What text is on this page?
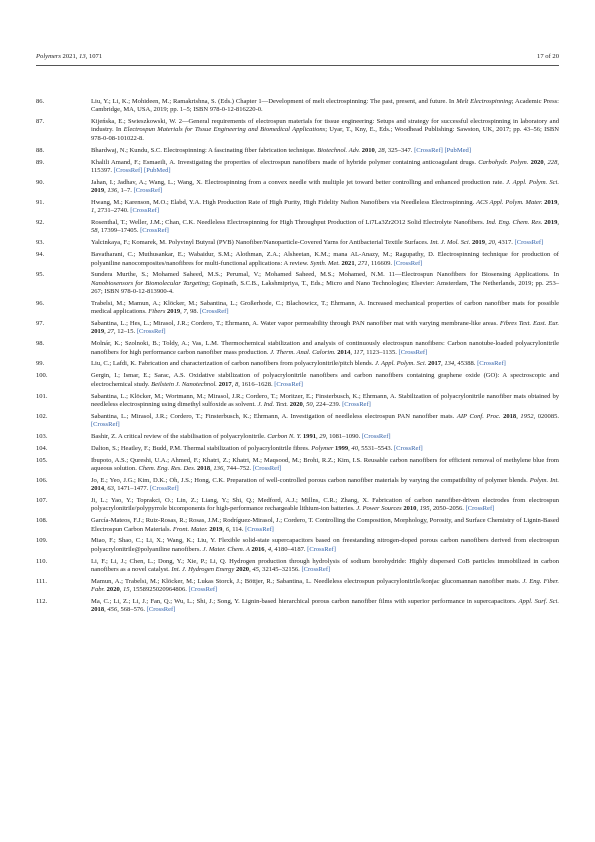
Polymers 2021, 13, 1071	17 of 20
86.	Liu, Y.; Li, K.; Mohideen, M.; Ramakrishna, S. (Eds.) Chapter 1—Development of melt electrospinning: The past, present, and future. In Melt Electrospinning; Academic Press: Cambridge, MA, USA, 2019; pp. 1–5; ISBN 978-0-12-816220-0.
87.	Kijeńska, E.; Swieszkowski, W. 2—General requirements of electrospun materials for tissue engineering: Setups and strategy for successful electrospinning in laboratory and industry. In Electrospun Materials for Tissue Engineering and Biomedical Applications; Uyar, T., Kny, E., Eds.; Woodhead Publishing: Sawston, UK, 2017; pp. 43–56; ISBN 978-0-08-101022-8.
88.	Bhardwaj, N.; Kundu, S.C. Electrospinning: A fascinating fiber fabrication technique. Biotechnol. Adv. 2010, 28, 325–347. [CrossRef] [PubMed]
89.	Khalili Amand, F.; Esmaeili, A. Investigating the properties of electrospun nanofibers made of hybride polymer containing anticoagulant drugs. Carbohydr. Polym. 2020, 228, 115397. [CrossRef] [PubMed]
90.	Jahan, I.; Jadhav, A.; Wang, L.; Wang, X. Electrospinning from a convex needle with multiple jet toward better controlling and enhanced production rate. J. Appl. Polym. Sci. 2019, 136, 1–7. [CrossRef]
91.	Hwang, M.; Karenson, M.O.; Elabd, Y.A. High Production Rate of High Purity, High Fidelity Nafion Nanofibers via Needleless Electrospinning. ACS Appl. Polym. Mater. 2019, 1, 2731–2740. [CrossRef]
92.	Rosenthal, T.; Weller, J.M.; Chan, C.K. Needleless Electrospinning for High Throughput Production of Li7La3Zr2O12 Solid Electrolyte Nanofibers. Ind. Eng. Chem. Res. 2019, 58, 17399–17405. [CrossRef]
93.	Yalcinkaya, F.; Komarek, M. Polyvinyl Butyral (PVB) Nanofiber/Nanoparticle-Covered Yarns for Antibacterial Textile Surfaces. Int. J. Mol. Sci. 2019, 20, 4317. [CrossRef]
94.	Bavatharani, C.; Muthusankar, E.; Wabaidur, S.M.; Alothman, Z.A.; Alsheetan, K.M.; mana AL-Anazy, M.; Ragupathy, D. Electrospinning technique for production of polyaniline nanocomposites/nanofibres for multi-functional applications: A review. Synth. Met. 2021, 271, 116609. [CrossRef]
95.	Sundera Murthe, S.; Mohamed Saheed, M.S.; Perumal, V.; Mohamed Saheed, M.S.; Mohamed, N.M. 11—Electrospun Nanofibers for Biosensing Applications. In Nanobiosensors for Biomolecular Targeting; Gopinath, S.C.B., Lakshmipriya, T., Eds.; Micro and Nano Technologies; Elsevier: Amsterdam, The Netherlands, 2019; pp. 253–267; ISBN 978-0-12-813900-4.
96.	Trabelsi, M.; Mamun, A.; Klöcker, M.; Sabantina, L.; Großerhode, C.; Blachowicz, T.; Ehrmann, A. Increased mechanical properties of carbon nanofiber mats for possible medical applications. Fibers 2019, 7, 98. [CrossRef]
97.	Sabantina, L.; Hes, L.; Mirasol, J.R.; Cordero, T.; Ehrmann, A. Water vapor permeability through PAN nanofiber mat with varying membrane-like areas. Fibres Text. East. Eur. 2019, 27, 12–15. [CrossRef]
98.	Molnár, K.; Szolnoki, B.; Toldy, A.; Vas, L.M. Thermochemical stabilization and analysis of continuously electrospun nanofibers: Carbon nanotube-loaded polyacrylonitrile nanofibers for high performance carbon nanofiber mass production. J. Therm. Anal. Calorim. 2014, 117, 1123–1135. [CrossRef]
99.	Liu, C.; Lafdi, K. Fabrication and characterization of carbon nanofibers from polyacrylonitrile/pitch blends. J. Appl. Polym. Sci. 2017, 134, 45388. [CrossRef]
100.	Gergin, I.; Ismar, E.; Sarac, A.S. Oxidative stabilization of polyacrylonitrile nanofibers and carbon nanofibers containing graphene oxide (GO): A spectroscopic and electrochemical study. Beilstein J. Nanotechnol. 2017, 8, 1616–1628. [CrossRef]
101.	Sabantina, L.; Klöcker, M.; Wortmann, M.; Mirasol, J.R.; Cordero, T.; Moritzer, E.; Finsterbusch, K.; Ehrmann, A. Stabilization of polyacrylonitrile nanofiber mats obtained by needleless electrospinning using dimethyl sulfoxide as solvent. J. Ind. Text. 2020, 50, 224–239. [CrossRef]
102.	Sabantina, L.; Mirasol, J.R.; Cordero, T.; Finsterbusch, K.; Ehrmann, A. Investigation of needleless electrospun PAN nanofiber mats. AIP Conf. Proc. 2018, 1952, 020085. [CrossRef]
103.	Bashir, Z. A critical review of the stabilisation of polyacrylonitrile. Carbon N. Y. 1991, 29, 1081–1090. [CrossRef]
104.	Dalton, S.; Heatley, F.; Budd, P.M. Thermal stabilization of polyacrylonitrile fibres. Polymer 1999, 40, 5531–5543. [CrossRef]
105.	Ibupoto, A.S.; Qureshi, U.A.; Ahmed, F.; Khatri, Z.; Khatri, M.; Maqsood, M.; Brohi, R.Z.; Kim, I.S. Reusable carbon nanofibers for efficient removal of methylene blue from aqueous solution. Chem. Eng. Res. Des. 2018, 136, 744–752. [CrossRef]
106.	Jo, E.; Yeo, J.G.; Kim, D.K.; Oh, J.S.; Hong, C.K. Preparation of well-controlled porous carbon nanofiber materials by varying the compatibility of polymer blends. Polym. Int. 2014, 63, 1471–1477. [CrossRef]
107.	Ji, L.; Yao, Y.; Toprakci, O.; Lin, Z.; Liang, Y.; Shi, Q.; Medford, A.J.; Millns, C.R.; Zhang, X. Fabrication of carbon nanofiber-driven electrodes from electrospun polyacrylonitrile/polypyrrole bicomponents for high-performance rechargeable lithium-ion batteries. J. Power Sources 2010, 195, 2050–2056. [CrossRef]
108.	García-Mateos, F.J.; Ruiz-Rosas, R.; Rosas, J.M.; Rodríguez-Mirasol, J.; Cordero, T. Controlling the Composition, Morphology, Porosity, and Surface Chemistry of Lignin-Based Electrospun Carbon Materials. Front. Mater. 2019, 6, 114. [CrossRef]
109.	Miao, F.; Shao, C.; Li, X.; Wang, K.; Liu, Y. Flexible solid-state supercapacitors based on freestanding nitrogen-doped porous carbon nanofibers derived from electrospun polyacrylonitrile@polyaniline nanofibers. J. Mater. Chem. A 2016, 4, 4180–4187. [CrossRef]
110.	Li, F.; Li, J.; Chen, L.; Dong, Y.; Xie, P.; Li, Q. Hydrogen production through hydrolysis of sodium borohydride: Highly dispersed CoB particles immobilized in carbon nanofibers as a novel catalyst. Int. J. Hydrogen Energy 2020, 45, 32145–32156. [CrossRef]
111.	Mamun, A.; Trabelsi, M.; Klöcker, M.; Lukas Storck, J.; Böttjer, R.; Sabantina, L. Needleless electrospun polyacrylonitrile/konjac glucomannan nanofiber mats. J. Eng. Fiber. Fabr. 2020, 15, 1558925020964806. [CrossRef]
112.	Ma, C.; Li, Z.; Li, J.; Fan, Q.; Wu, L.; Shi, J.; Song, Y. Lignin-based hierarchical porous carbon nanofiber films with superior performance in supercapacitors. Appl. Surf. Sci. 2018, 456, 568–576. [CrossRef]
